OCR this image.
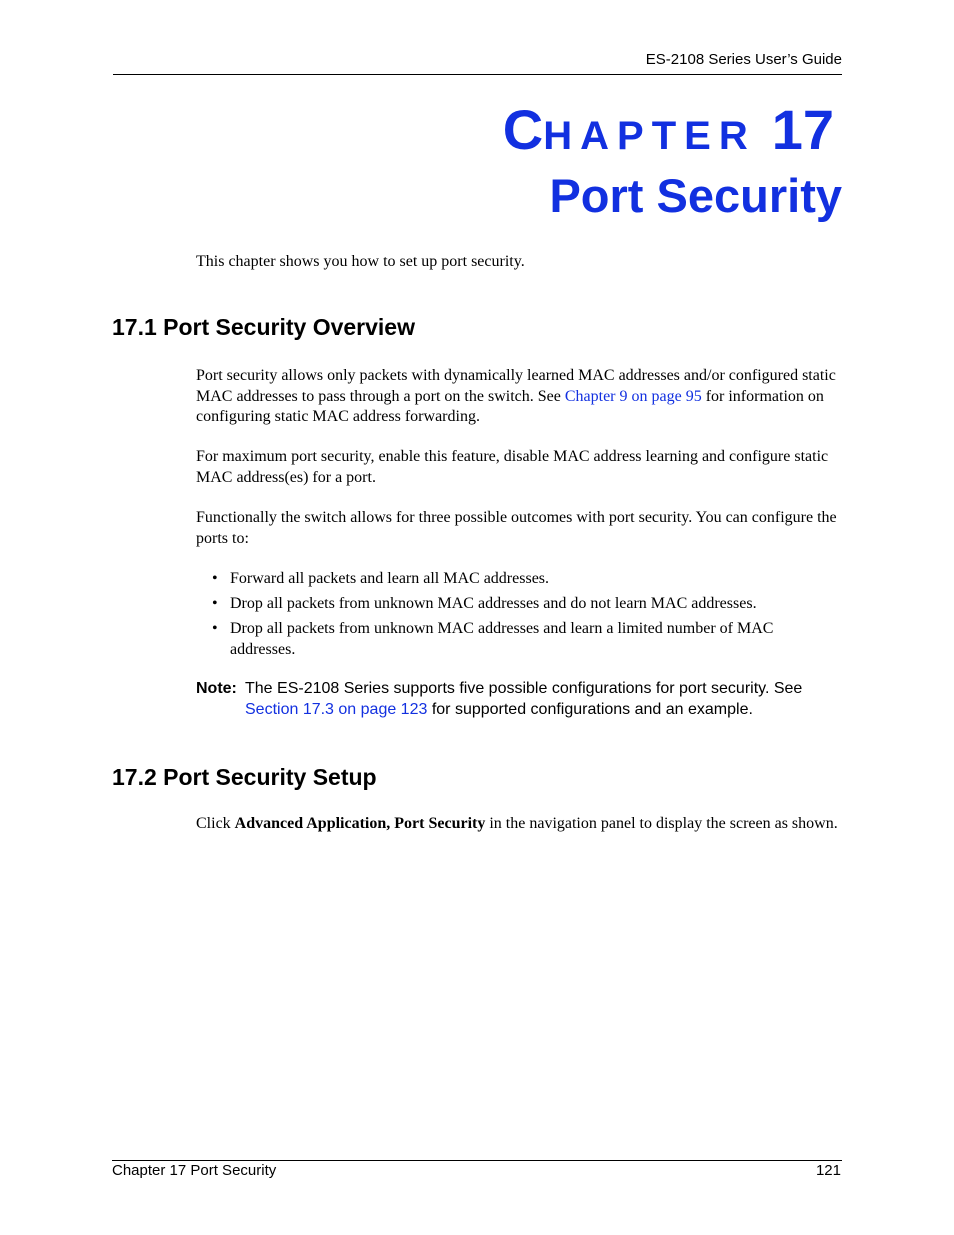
ES-2108 Series User’s Guide
CHAPTER 17
Port Security
This chapter shows you how to set up port security.
17.1 Port Security Overview
Port security allows only packets with dynamically learned MAC addresses and/or configured static MAC addresses to pass through a port on the switch. See Chapter 9 on page 95 for information on configuring static MAC address forwarding.
For maximum port security, enable this feature, disable MAC address learning and configure static MAC address(es) for a port.
Functionally the switch allows for three possible outcomes with port security. You can configure the ports to:
• Forward all packets and learn all MAC addresses.
• Drop all packets from unknown MAC addresses and do not learn MAC addresses.
• Drop all packets from unknown MAC addresses and learn a limited number of MAC addresses.
Note: The ES-2108 Series supports five possible configurations for port security. See Section 17.3 on page 123 for supported configurations and an example.
17.2 Port Security Setup
Click Advanced Application, Port Security in the navigation panel to display the screen as shown.
Chapter 17 Port Security	121
